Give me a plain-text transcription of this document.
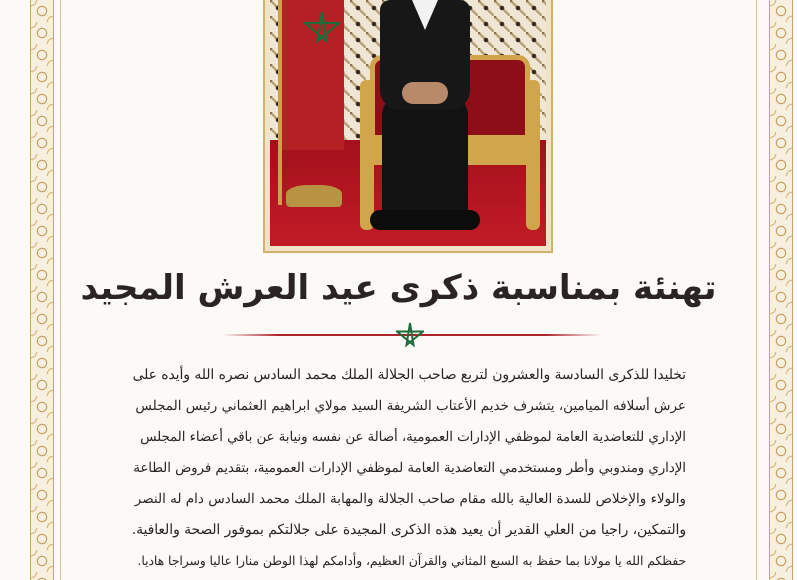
تهنئة بمناسبة ذكرى عيد العرش المجيد

تخليدا للذكرى السادسة والعشرون لتربع صاحب الجلالة الملك محمد السادس نصره الله وأيده على

عرش أسلافه الميامين، يتشرف خديم الأعتاب الشريفة السيد مولاي ابراهيم العثماني رئيس المجلس

الإداري للتعاضدية العامة لموظفي الإدارات العمومية، أصالة عن نفسه ونيابة عن باقي أعضاء المجلس

الإداري ومندوبي وأطر ومستخدمي التعاضدية العامة لموظفي الإدارات العمومية، بتقديم فروض الطاعة

والولاء والإخلاص للسدة العالية بالله مقام صاحب الجلالة والمهابة الملك محمد السادس دام له النصر

والتمكين، راجيا من العلي القدير أن يعيد هذه الذكرى المجيدة على جلالتكم بموفور الصحة والعافية.

حفظكم الله يا مولانا بما حفظ به السبع المثاني والقرآن العظيم، وأدامكم لهذا الوطن منارا عاليا وسراجا هاديا.
